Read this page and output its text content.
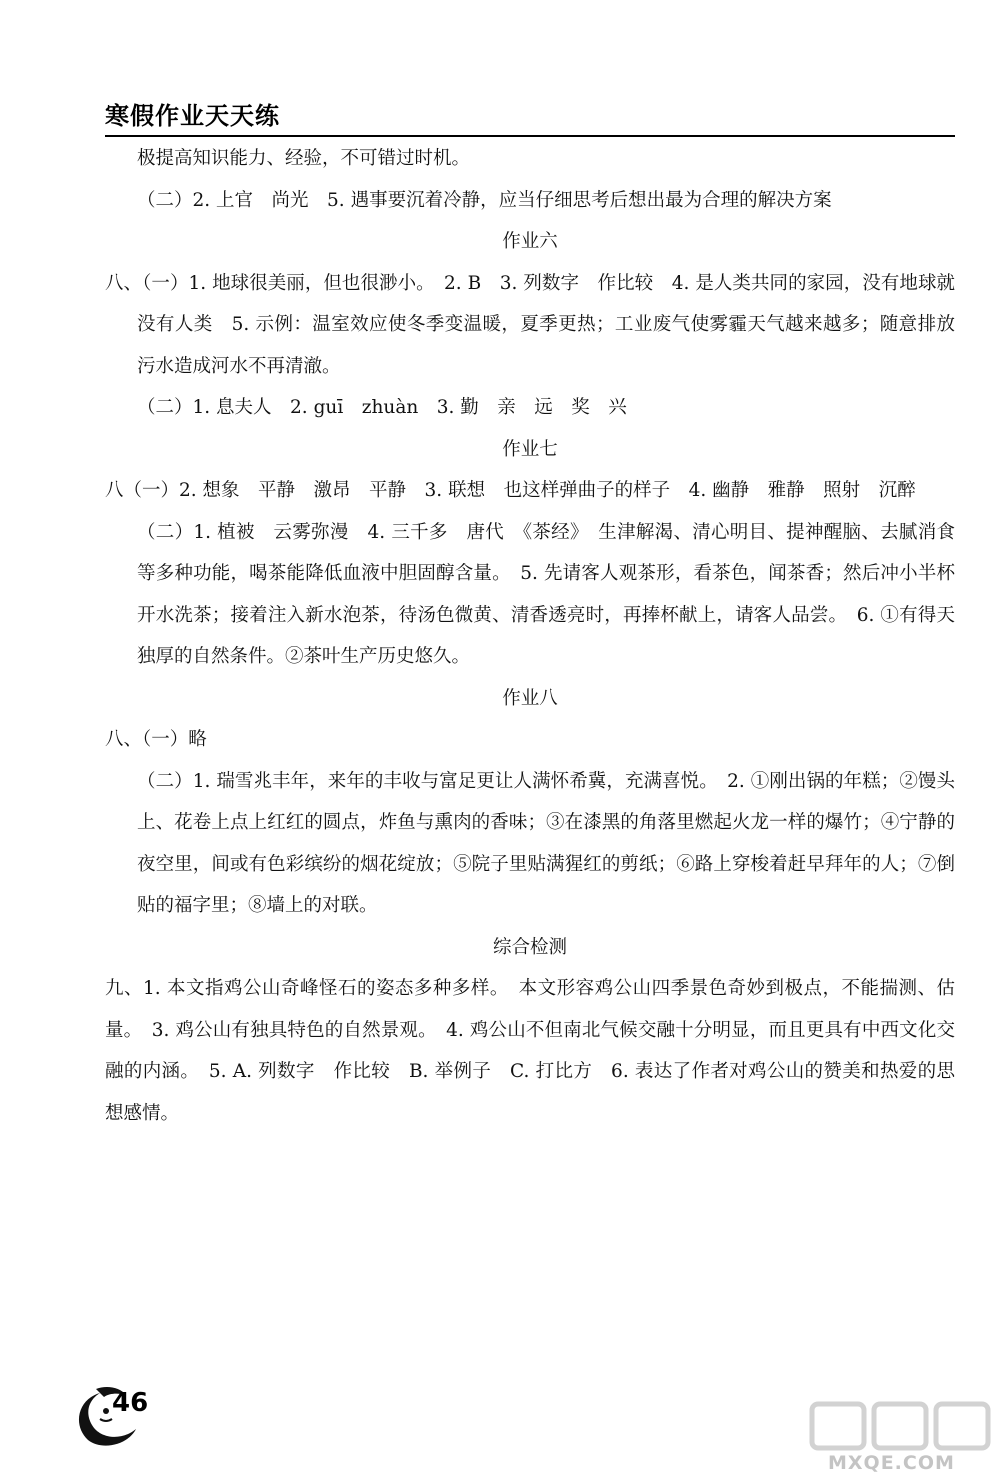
寒假作业天天练

极提高知识能力、经验，不可错过时机。

（二）2. 上官　尚光　5. 遇事要沉着冷静，应当仔细思考后想出最为合理的解决方案

作业六

八、（一）1. 地球很美丽，但也很渺小。　2. B　3. 列数字　作比较　4. 是人类共同的家园，没有地球就没有人类　5. 示例：温室效应使冬季变温暖，夏季更热；工业废气使雾霾天气越来越多；随意排放污水造成河水不再清澈。

（二）1. 息夫人　2. guī　zhuàn　3. 勤　亲　远　奖　兴

作业七

八（一）2. 想象　平静　激昂　平静　3. 联想　也这样弹曲子的样子　4. 幽静　雅静　照射　沉醉

（二）1. 植被　云雾弥漫　4. 三千多　唐代　《茶经》　生津解渴、清心明目、提神醒脑、去腻消食等多种功能，喝茶能降低血液中胆固醇含量。　5. 先请客人观茶形，看茶色，闻茶香；然后冲小半杯开水洗茶；接着注入新水泡茶，待汤色微黄、清香透亮时，再捧杯献上，请客人品尝。　6. ①有得天独厚的自然条件。②茶叶生产历史悠久。

作业八

八、（一）略

（二）1. 瑞雪兆丰年，来年的丰收与富足更让人满怀希冀，充满喜悦。　2. ①刚出锅的年糕；②馒头上、花卷上点上红红的圆点，炸鱼与熏肉的香味；③在漆黑的角落里燃起火龙一样的爆竹；④宁静的夜空里，间或有色彩缤纷的烟花绽放；⑤院子里贴满猩红的剪纸；⑥路上穿梭着赶早拜年的人；⑦倒贴的福字里；⑧墙上的对联。

综合检测

九、1. 本文指鸡公山奇峰怪石的姿态多种多样。　本文形容鸡公山四季景色奇妙到极点，不能揣测、估量。　3. 鸡公山有独具特色的自然景观。　4. 鸡公山不但南北气候交融十分明显，而且更具有中西文化交融的内涵。　5. A. 列数字　作比较　B. 举例子　C. 打比方　6. 表达了作者对鸡公山的赞美和热爱的思想感情。

46
MXQE.COM
